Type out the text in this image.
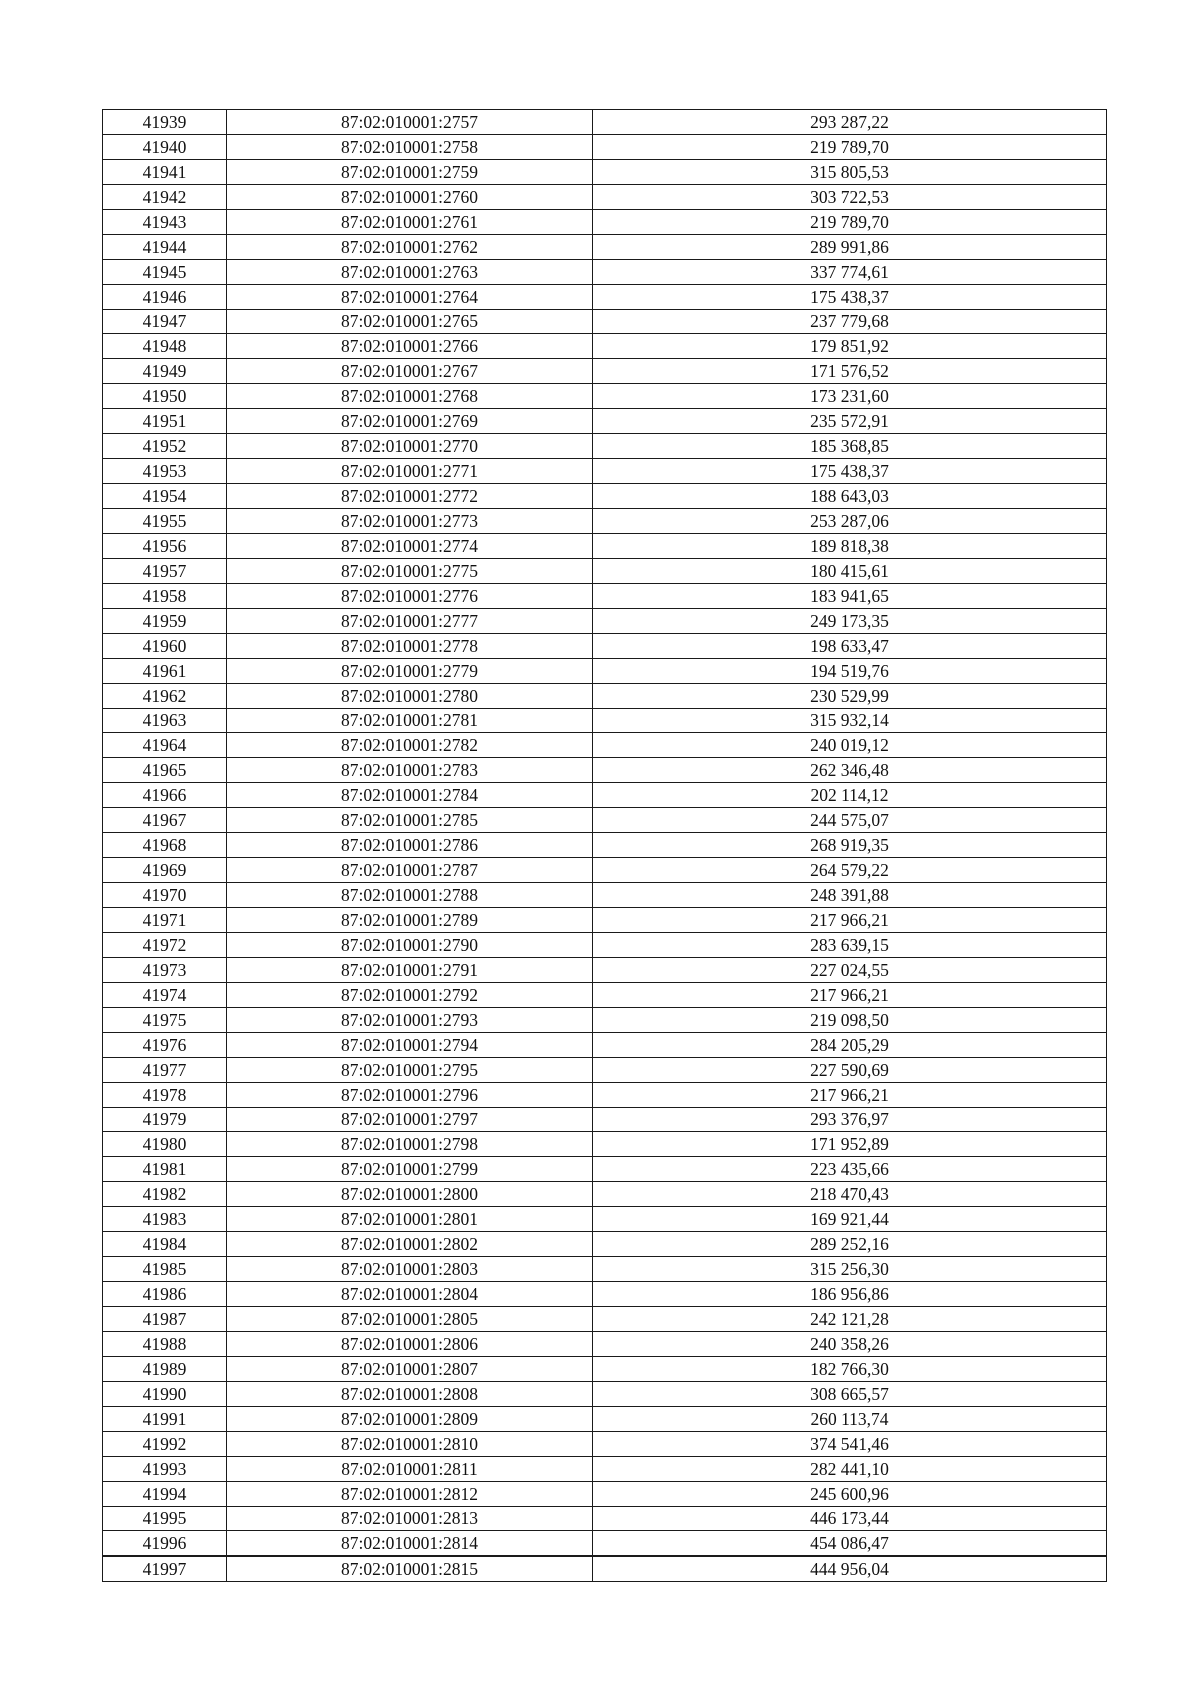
41939	87:02:010001:2757	293 287,22
41940	87:02:010001:2758	219 789,70
41941	87:02:010001:2759	315 805,53
41942	87:02:010001:2760	303 722,53
41943	87:02:010001:2761	219 789,70
41944	87:02:010001:2762	289 991,86
41945	87:02:010001:2763	337 774,61
41946	87:02:010001:2764	175 438,37
41947	87:02:010001:2765	237 779,68
41948	87:02:010001:2766	179 851,92
41949	87:02:010001:2767	171 576,52
41950	87:02:010001:2768	173 231,60
41951	87:02:010001:2769	235 572,91
41952	87:02:010001:2770	185 368,85
41953	87:02:010001:2771	175 438,37
41954	87:02:010001:2772	188 643,03
41955	87:02:010001:2773	253 287,06
41956	87:02:010001:2774	189 818,38
41957	87:02:010001:2775	180 415,61
41958	87:02:010001:2776	183 941,65
41959	87:02:010001:2777	249 173,35
41960	87:02:010001:2778	198 633,47
41961	87:02:010001:2779	194 519,76
41962	87:02:010001:2780	230 529,99
41963	87:02:010001:2781	315 932,14
41964	87:02:010001:2782	240 019,12
41965	87:02:010001:2783	262 346,48
41966	87:02:010001:2784	202 114,12
41967	87:02:010001:2785	244 575,07
41968	87:02:010001:2786	268 919,35
41969	87:02:010001:2787	264 579,22
41970	87:02:010001:2788	248 391,88
41971	87:02:010001:2789	217 966,21
41972	87:02:010001:2790	283 639,15
41973	87:02:010001:2791	227 024,55
41974	87:02:010001:2792	217 966,21
41975	87:02:010001:2793	219 098,50
41976	87:02:010001:2794	284 205,29
41977	87:02:010001:2795	227 590,69
41978	87:02:010001:2796	217 966,21
41979	87:02:010001:2797	293 376,97
41980	87:02:010001:2798	171 952,89
41981	87:02:010001:2799	223 435,66
41982	87:02:010001:2800	218 470,43
41983	87:02:010001:2801	169 921,44
41984	87:02:010001:2802	289 252,16
41985	87:02:010001:2803	315 256,30
41986	87:02:010001:2804	186 956,86
41987	87:02:010001:2805	242 121,28
41988	87:02:010001:2806	240 358,26
41989	87:02:010001:2807	182 766,30
41990	87:02:010001:2808	308 665,57
41991	87:02:010001:2809	260 113,74
41992	87:02:010001:2810	374 541,46
41993	87:02:010001:2811	282 441,10
41994	87:02:010001:2812	245 600,96
41995	87:02:010001:2813	446 173,44
41996	87:02:010001:2814	454 086,47
41997	87:02:010001:2815	444 956,04
